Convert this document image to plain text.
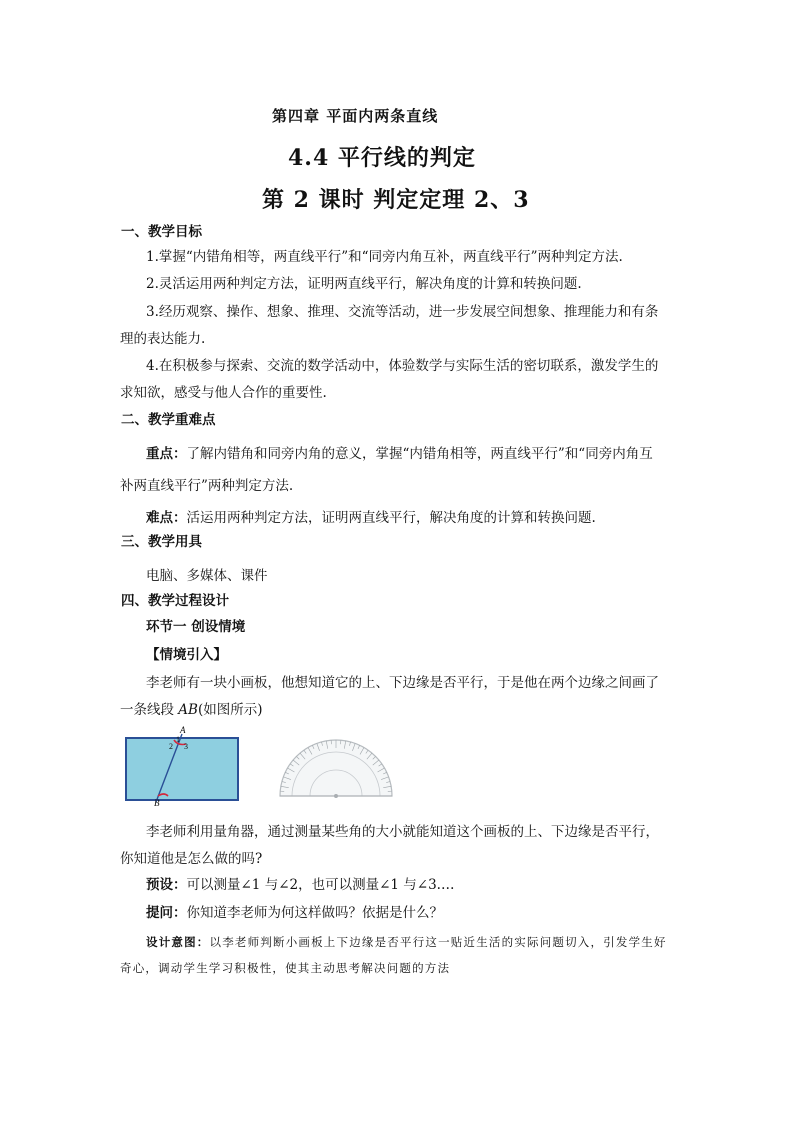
第四章 平面内两条直线
4.4 平行线的判定
第 2 课时 判定定理 2、3
一、教学目标
1.掌握“内错角相等，两直线平行”和“同旁内角互补，两直线平行”两种判定方法.
2.灵活运用两种判定方法，证明两直线平行，解决角度的计算和转换问题.
3.经历观察、操作、想象、推理、交流等活动，进一步发展空间想象、推理能力和有条
理的表达能力.
4.在积极参与探索、交流的数学活动中，体验数学与实际生活的密切联系，激发学生的
求知欲，感受与他人合作的重要性.
二、教学重难点
重点：了解内错角和同旁内角的意义，掌握“内错角相等，两直线平行”和“同旁内角互
补两直线平行”两种判定方法.
难点：活运用两种判定方法，证明两直线平行，解决角度的计算和转换问题.
三、教学用具
电脑、多媒体、课件
四、教学过程设计
环节一 创设情境
【情境引入】
李老师有一块小画板，他想知道它的上、下边缘是否平行，于是他在两个边缘之间画了
一条线段 AB(如图所示)
A
2
1
3
B
李老师利用量角器，通过测量某些角的大小就能知道这个画板的上、下边缘是否平行，
你知道他是怎么做的吗?
预设：可以测量∠1 与∠2，也可以测量∠1 与∠3.…
提问：你知道李老师为何这样做吗？依据是什么？
设计意图：以李老师判断小画板上下边缘是否平行这一贴近生活的实际问题切入，引发学生好
奇心，调动学生学习积极性，使其主动思考解决问题的方法
